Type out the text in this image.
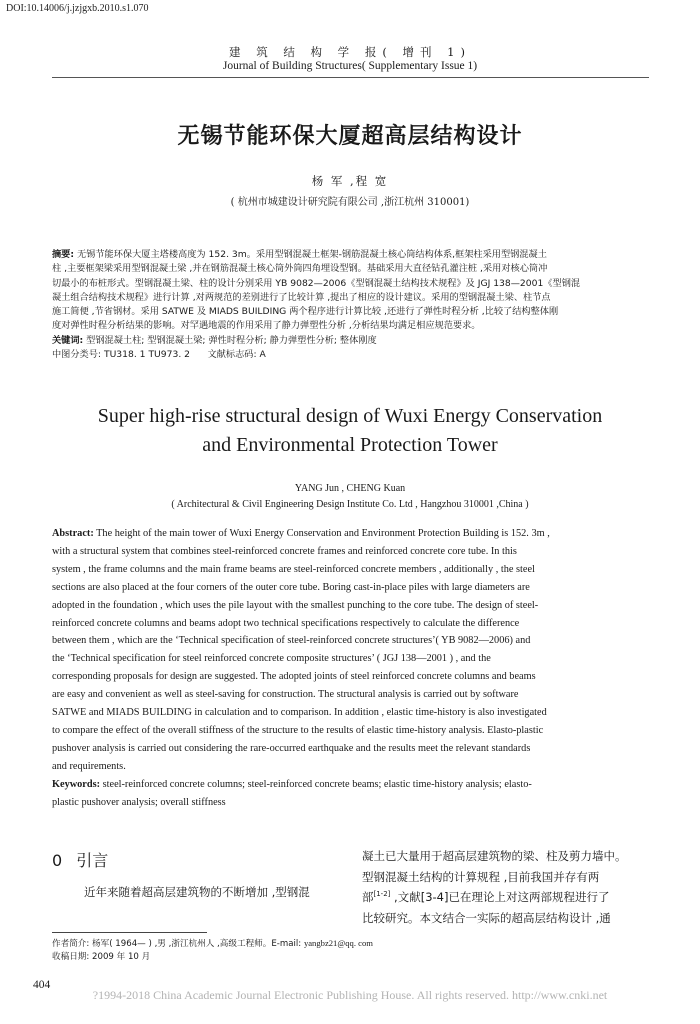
DOI:10.14006/j.jzjgxb.2010.s1.070
建 筑 结 构 学 报( 增刊 1)
Journal of Building Structures( Supplementary Issue 1)
无锡节能环保大厦超高层结构设计
杨 军 ,程 宽
( 杭州市城建设计研究院有限公司 ,浙江杭州 310001)

摘要: 无锡节能环保大厦主塔楼高度为 152. 3m。采用型钢混凝土框架-钢筋混凝土核心筒结构体系,框架柱采用型钢混凝土

柱 ,主要框架梁采用型钢混凝土梁 ,并在钢筋混凝土核心筒外筒四角埋设型钢。基础采用大直径钻孔灌注桩 ,采用对核心筒冲

切最小的布桩形式。型钢混凝土梁、柱的设计分别采用 YB 9082—2006《型钢混凝土结构技术规程》及 JGJ 138—2001《型钢混

凝土组合结构技术规程》进行计算 ,对两规范的差别进行了比较计算 ,提出了相应的设计建议。采用的型钢混凝土梁、柱节点

施工简便 ,节省钢材。采用 SATWE 及 MIADS BUILDING 两个程序进行计算比较 ,还进行了弹性时程分析 ,比较了结构整体刚

度对弹性时程分析结果的影响。对罕遇地震的作用采用了静力弹塑性分析 ,分析结果均满足相应规范要求。

关键词: 型钢混凝土柱; 型钢混凝土梁; 弹性时程分析; 静力弹塑性分析; 整体刚度

中图分类号: TU318. 1 TU973. 2 文献标志码: A

Super high-rise structural design of Wuxi Energy Conservation
and Environmental Protection Tower
YANG Jun , CHENG Kuan
( Architectural & Civil Engineering Design Institute Co. Ltd , Hangzhou 310001 ,China )

Abstract: The height of the main tower of Wuxi Energy Conservation and Environment Protection Building is 152. 3m ,

with a structural system that combines steel-reinforced concrete frames and reinforced concrete core tube. In this

system , the frame columns and the main frame beams are steel-reinforced concrete members , additionally , the steel

sections are also placed at the four corners of the outer core tube. Boring cast-in-place piles with large diameters are

adopted in the foundation , which uses the pile layout with the smallest punching to the core tube. The design of steel-

reinforced concrete columns and beams adopt two technical specifications respectively to calculate the difference

between them , which are the ‘Technical specification of steel-reinforced concrete structures’( YB 9082—2006) and

the ‘Technical specification for steel reinforced concrete composite structures’ ( JGJ 138—2001 ) , and the

corresponding proposals for design are suggested. The adopted joints of steel reinforced concrete columns and beams

are easy and convenient as well as steel-saving for construction. The structural analysis is carried out by software

SATWE and MIADS BUILDING in calculation and to comparison. In addition , elastic time-history is also investigated

to compare the effect of the overall stiffness of the structure to the results of elastic time-history analysis. Elasto-plastic

pushover analysis is carried out considering the rare-occurred earthquake and the results meet the relevant standards

and requirements.

Keywords: steel-reinforced concrete columns; steel-reinforced concrete beams; elastic time-history analysis; elasto-

plastic pushover analysis; overall stiffness

0 引言
近年来随着超高层建筑物的不断增加 ,型钢混
凝土已大量用于超高层建筑物的梁、柱及剪力墙中。
型钢混凝土结构的计算规程 ,目前我国并存有两
部[1-2] ,文献[3-4]已在理论上对这两部规程进行了
比较研究。本文结合一实际的超高层结构设计 ,通
作者简介: 杨军( 1964— ) ,男 ,浙江杭州人 ,高级工程师。E-mail: yangbz21@qq. com
收稿日期: 2009 年 10 月
404
?1994-2018 China Academic Journal Electronic Publishing House. All rights reserved. http://www.cnki.net
